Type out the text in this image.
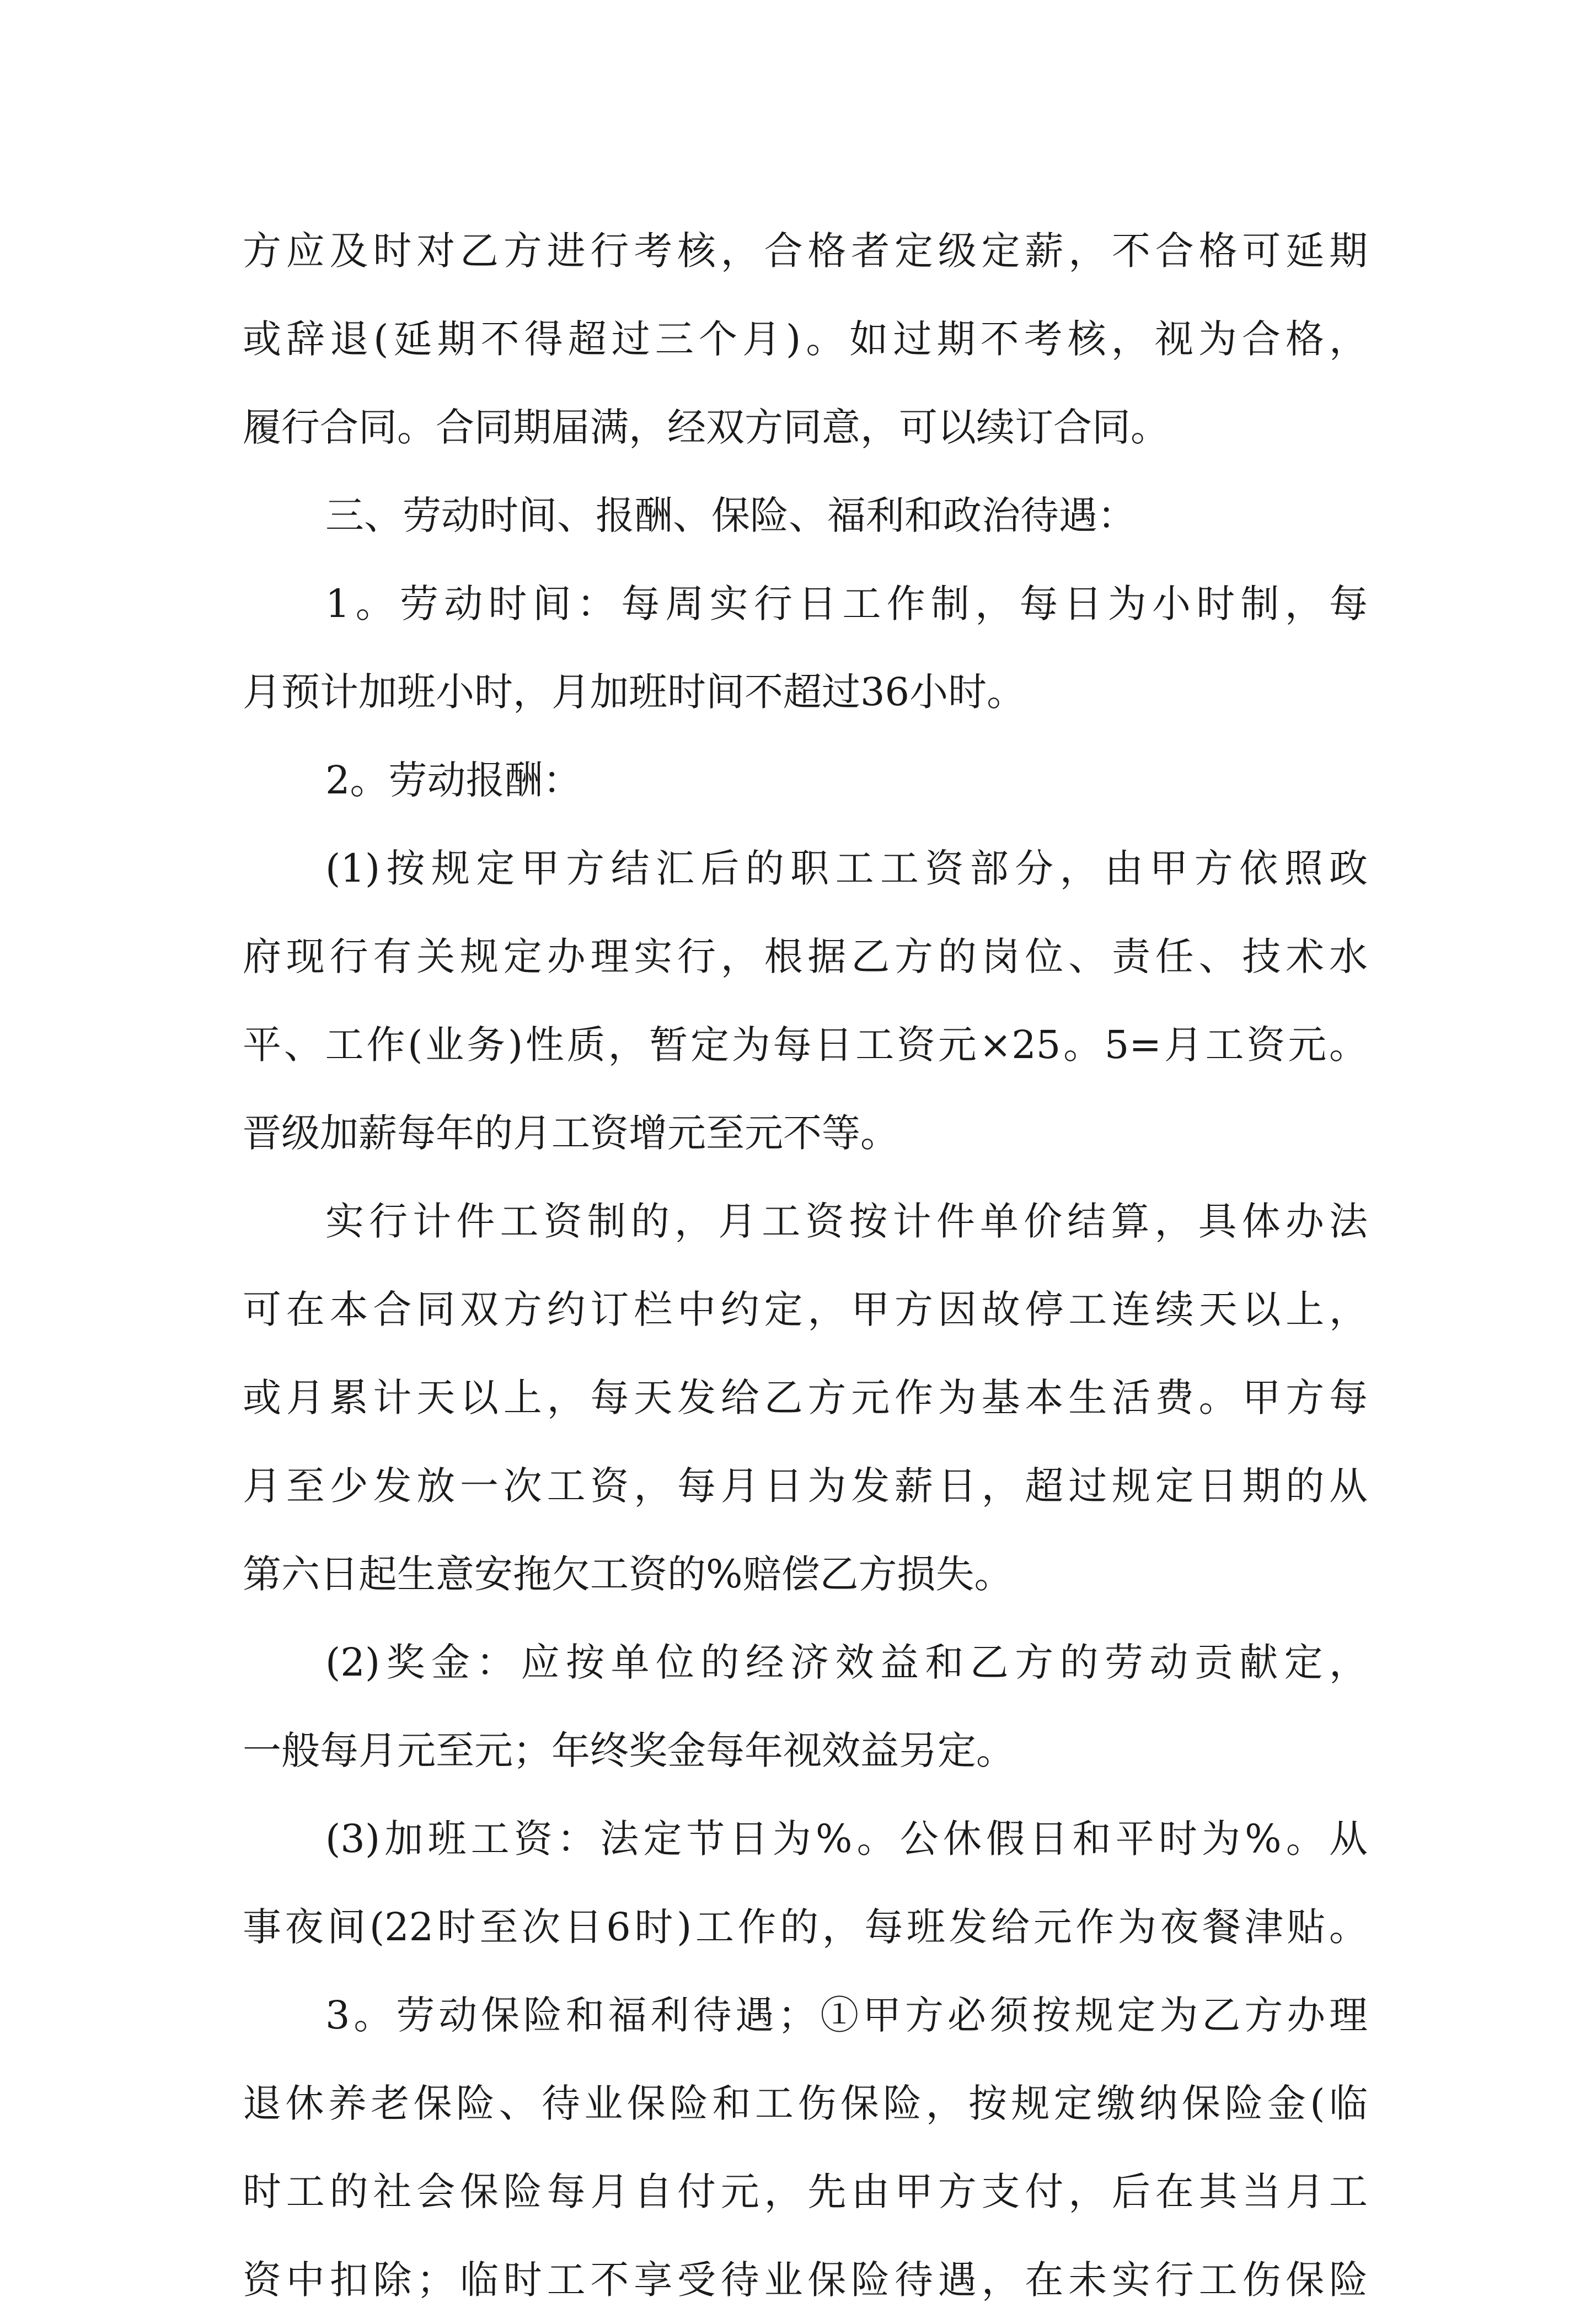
方应及时对乙方进行考核，合格者定级定薪，不合格可延期
或辞退(延期不得超过三个月)。如过期不考核，视为合格，
履行合同。合同期届满，经双方同意，可以续订合同。
三、劳动时间、报酬、保险、福利和政治待遇：
1。劳动时间：每周实行日工作制，每日为小时制，每
月预计加班小时，月加班时间不超过36小时。
2。劳动报酬：
(1)按规定甲方结汇后的职工工资部分，由甲方依照政
府现行有关规定办理实行，根据乙方的岗位、责任、技术水
平、工作(业务)性质，暂定为每日工资元×25。5=月工资元。
晋级加薪每年的月工资增元至元不等。
实行计件工资制的，月工资按计件单价结算，具体办法
可在本合同双方约订栏中约定，甲方因故停工连续天以上，
或月累计天以上，每天发给乙方元作为基本生活费。甲方每
月至少发放一次工资，每月日为发薪日，超过规定日期的从
第六日起生意安拖欠工资的%赔偿乙方损失。
(2)奖金：应按单位的经济效益和乙方的劳动贡献定，
一般每月元至元；年终奖金每年视效益另定。
(3)加班工资：法定节日为%。公休假日和平时为%。从
事夜间(22时至次日6时)工作的，每班发给元作为夜餐津贴。
3。劳动保险和福利待遇；①甲方必须按规定为乙方办理
退休养老保险、待业保险和工伤保险，按规定缴纳保险金(临
时工的社会保险每月自付元，先由甲方支付，后在其当月工
资中扣除；临时工不享受待业保险待遇，在未实行工伤保险
